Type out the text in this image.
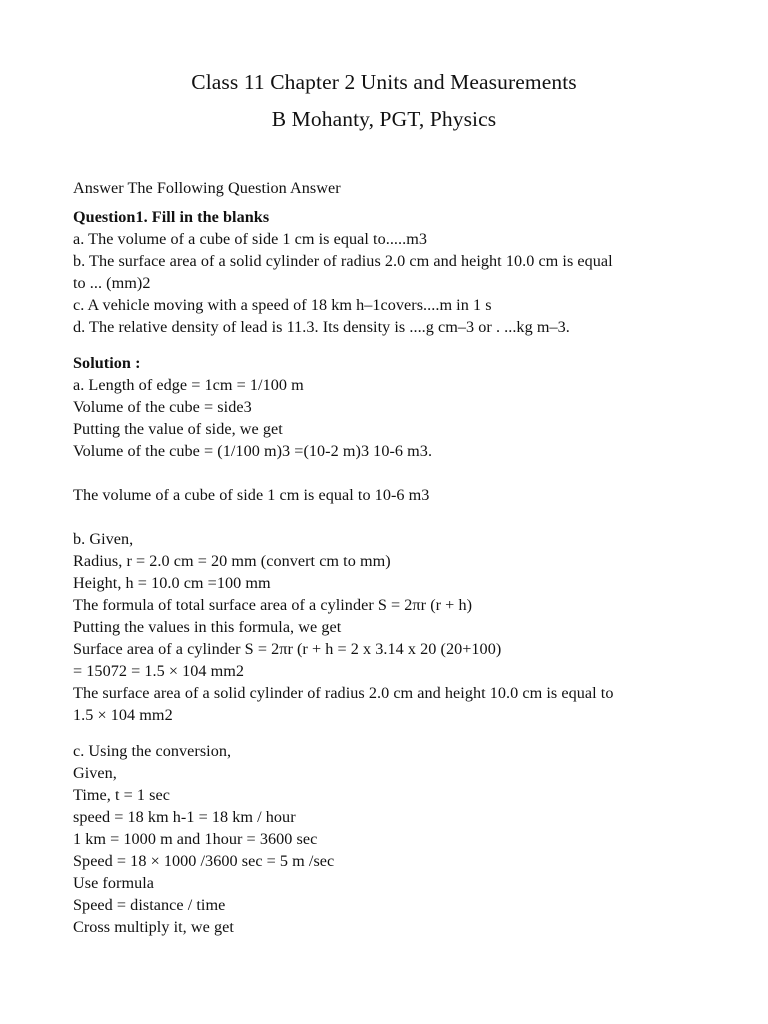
Class 11 Chapter 2 Units and Measurements
B Mohanty, PGT, Physics
Answer The Following Question Answer
Question1. Fill in the blanks
a. The volume of a cube of side 1 cm is equal to.....m3
b. The surface area of a solid cylinder of radius 2.0 cm and height 10.0 cm is equal
to ... (mm)2
c. A vehicle moving with a speed of 18 km h–1covers....m in 1 s
d. The relative density of lead is 11.3. Its density is ....g cm–3 or . ...kg m–3.
Solution :
a. Length of edge = 1cm = 1/100 m
Volume of the cube = side3
Putting the value of side, we get
Volume of the cube = (1/100 m)3 =(10-2 m)3 10-6 m3.
The volume of a cube of side 1 cm is equal to 10-6 m3
b. Given,
Radius, r = 2.0 cm = 20 mm (convert cm to mm)
Height, h = 10.0 cm =100 mm
The formula of total surface area of a cylinder S = 2πr (r + h)
Putting the values in this formula, we get
Surface area of a cylinder S = 2πr (r + h = 2 x 3.14 x 20 (20+100)
= 15072 = 1.5 × 104 mm2
The surface area of a solid cylinder of radius 2.0 cm and height 10.0 cm is equal to
1.5 × 104 mm2
c. Using the conversion,
Given,
Time, t = 1 sec
speed = 18 km h-1 = 18 km / hour
1 km = 1000 m and 1hour = 3600 sec
Speed = 18 × 1000 /3600 sec = 5 m /sec
Use formula
Speed = distance / time
Cross multiply it, we get
